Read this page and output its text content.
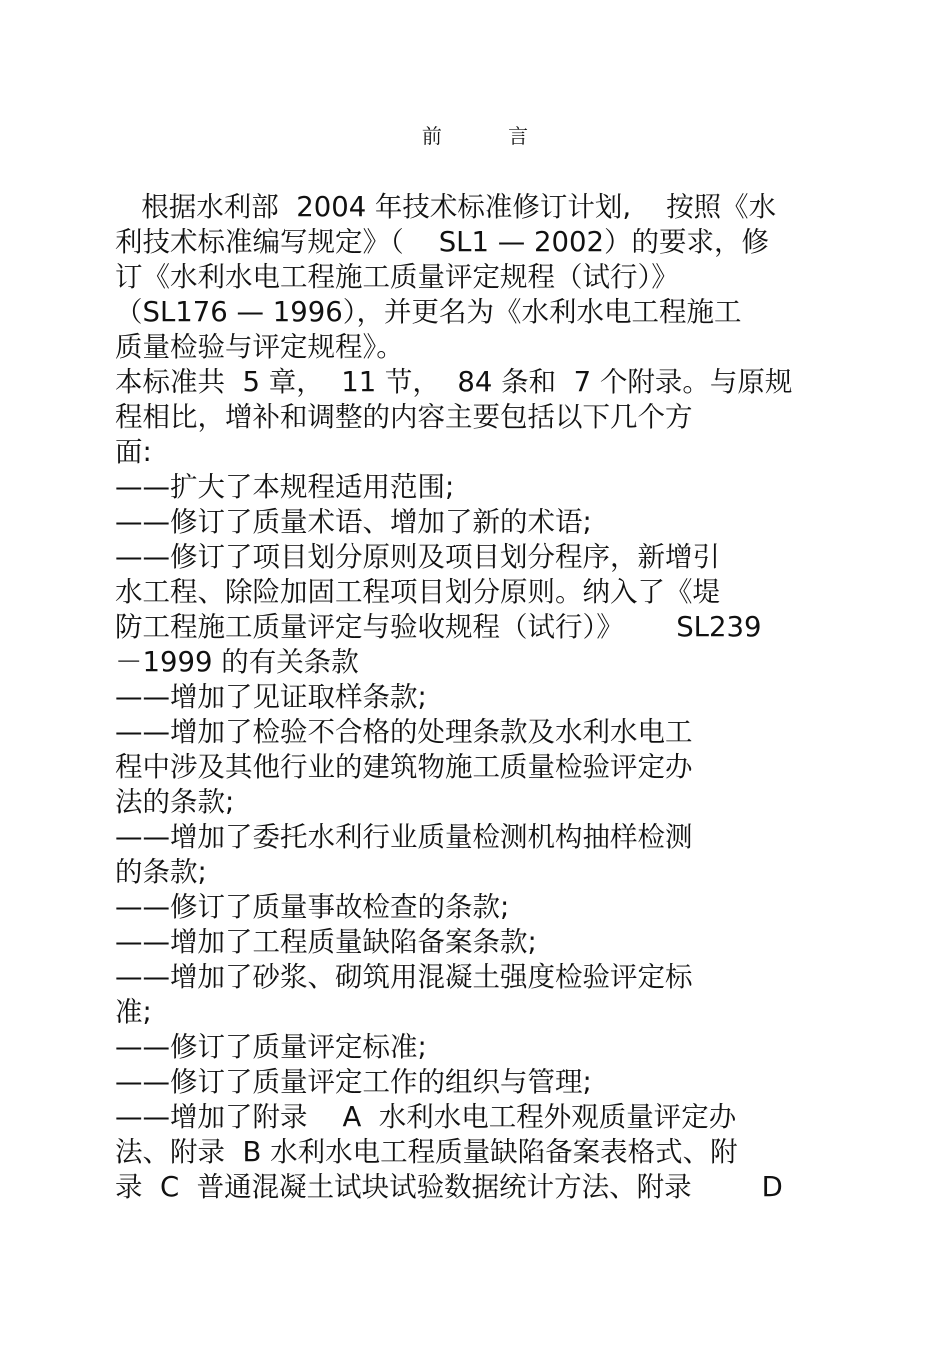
前 言
根据水利部  2004 年技术标准修订计划,    按照《水
利技术标准编写规定》（    SL1 — 2002）的要求，修
订《水利水电工程施工质量评定规程（试行）》
（SL176 — 1996），并更名为《水利水电工程施工
质量检验与评定规程》。
本标准共  5 章，  11 节，  84 条和  7 个附录。与原规
程相比，增补和调整的内容主要包括以下几个方
面:
——扩大了本规程适用范围;
——修订了质量术语、增加了新的术语;
——修订了项目划分原则及项目划分程序，新增引
水工程、除险加固工程项目划分原则。纳入了《堤
防工程施工质量评定与验收规程（试行）》      SL239
－1999 的有关条款
——增加了见证取样条款;
——增加了检验不合格的处理条款及水利水电工
程中涉及其他行业的建筑物施工质量检验评定办
法的条款;
——增加了委托水利行业质量检测机构抽样检测
的条款;
——修订了质量事故检查的条款;
——增加了工程质量缺陷备案条款;
——增加了砂浆、砌筑用混凝土强度检验评定标
准;
——修订了质量评定标准;
——修订了质量评定工作的组织与管理;
——增加了附录    A  水利水电工程外观质量评定办
法、附录  B 水利水电工程质量缺陷备案表格式、附
录  C  普通混凝土试块试验数据统计方法、附录        D
